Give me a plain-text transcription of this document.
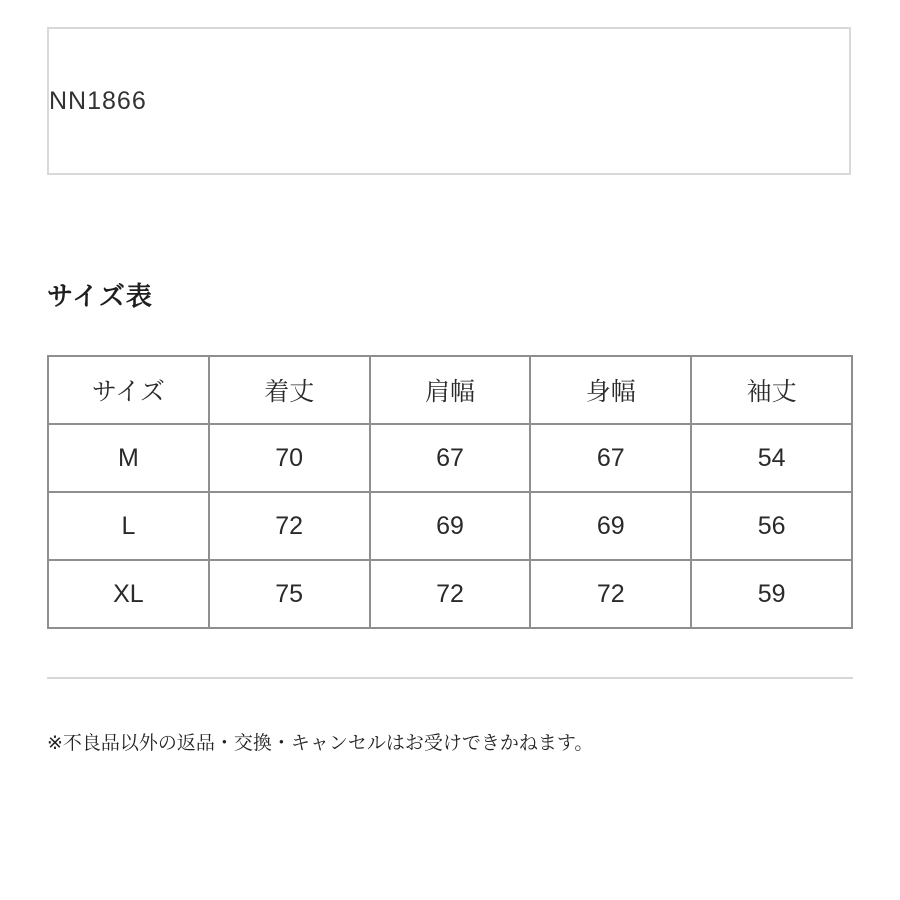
NN1866
サイズ表
サイズ	着丈	肩幅	身幅	袖丈
M	70	67	67	54
L	72	69	69	56
XL	75	72	72	59
※不良品以外の返品・交換・キャンセルはお受けできかねます。
